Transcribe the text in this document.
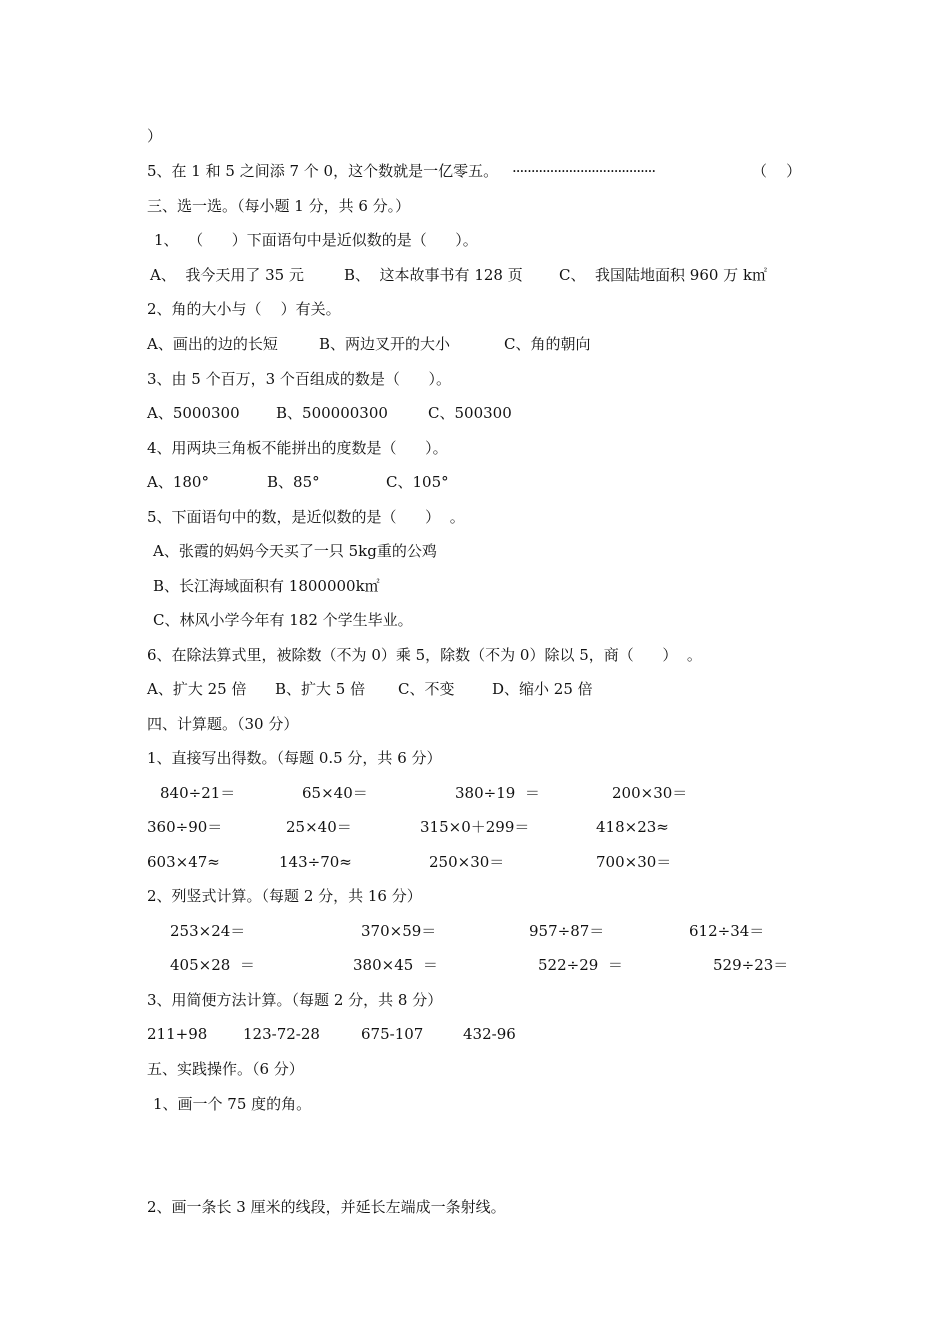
）
5、在 1 和 5 之间添 7 个 0，这个数就是一亿零五。 ······································	（    ）
三、选一选。（每小题 1 分，共 6 分。）
1、  （      ）下面语句中是近似数的是（      ）。
A、  我今天用了 35 元	B、  这本故事书有 128 页 C、  我国陆地面积 960 万 k㎡
2、角的大小与（    ）有关。
A、画出的边的长短	B、两边叉开的大小	C、角的朝向
3、由 5 个百万，3 个百组成的数是（      ）。
A、5000300 B、500000300	C、500300
4、用两块三角板不能拼出的度数是（      ）。
A、180°	B、85°	C、105°
5、下面语句中的数，是近似数的是（      ）  。
A、张霞的妈妈今天买了一只 5kg重的公鸡
B、长江海域面积有 1800000k㎡
C、林风小学今年有 182 个学生毕业。
6、在除法算式里，被除数（不为 0）乘 5，除数（不为 0）除以 5，商（      ）  。
A、扩大 25 倍 B、扩大 5 倍 C、不变	D、缩小 25 倍
四、计算题。（30 分）
1、直接写出得数。（每题 0.5 分，共 6 分）
840÷21＝	65×40＝	380÷19  ＝	200×30＝
360÷90＝	25×40＝	315×0＋299＝	418×23≈
603×47≈	143÷70≈	250×30＝	700×30＝
2、列竖式计算。（每题 2 分，共 16 分）
253×24＝	370×59＝	957÷87＝	612÷34＝
405×28  ＝	380×45  ＝	522÷29  ＝	529÷23＝
3、用简便方法计算。（每题 2 分，共 8 分）
211+98 123-72-28	675-107	432-96
五、实践操作。（6 分）
1、画一个 75 度的角。
2、画一条长 3 厘米的线段，并延长左端成一条射线。
